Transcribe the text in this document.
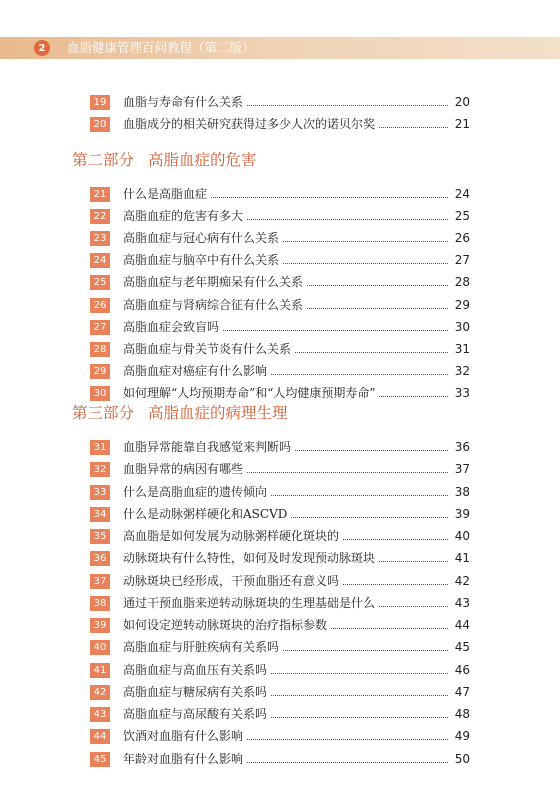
2	血脂健康管理百问教程（第二版）
第二部分 高脂血症的危害
第三部分 高脂血症的病理生理
19	血脂与寿命有什么关系	20
20	血脂成分的相关研究获得过多少人次的诺贝尔奖	21
21	什么是高脂血症	24
22	高脂血症的危害有多大	25
23	高脂血症与冠心病有什么关系	26
24	高脂血症与脑卒中有什么关系	27
25	高脂血症与老年期痴呆有什么关系	28
26	高脂血症与肾病综合征有什么关系	29
27	高脂血症会致盲吗	30
28	高脂血症与骨关节炎有什么关系	31
29	高脂血症对癌症有什么影响	32
30	如何理解“人均预期寿命”和“人均健康预期寿命”	33
31	血脂异常能靠自我感觉来判断吗	36
32	血脂异常的病因有哪些	37
33	什么是高脂血症的遗传倾向	38
34	什么是动脉粥样硬化和ASCVD	39
35	高血脂是如何发展为动脉粥样硬化斑块的	40
36	动脉斑块有什么特性，如何及时发现预动脉斑块	41
37	动脉斑块已经形成，干预血脂还有意义吗	42
38	通过干预血脂来逆转动脉斑块的生理基础是什么	43
39	如何设定逆转动脉斑块的治疗指标参数	44
40	高脂血症与肝脏疾病有关系吗	45
41	高脂血症与高血压有关系吗	46
42	高脂血症与糖尿病有关系吗	47
43	高脂血症与高尿酸有关系吗	48
44	饮酒对血脂有什么影响	49
45	年龄对血脂有什么影响	50
